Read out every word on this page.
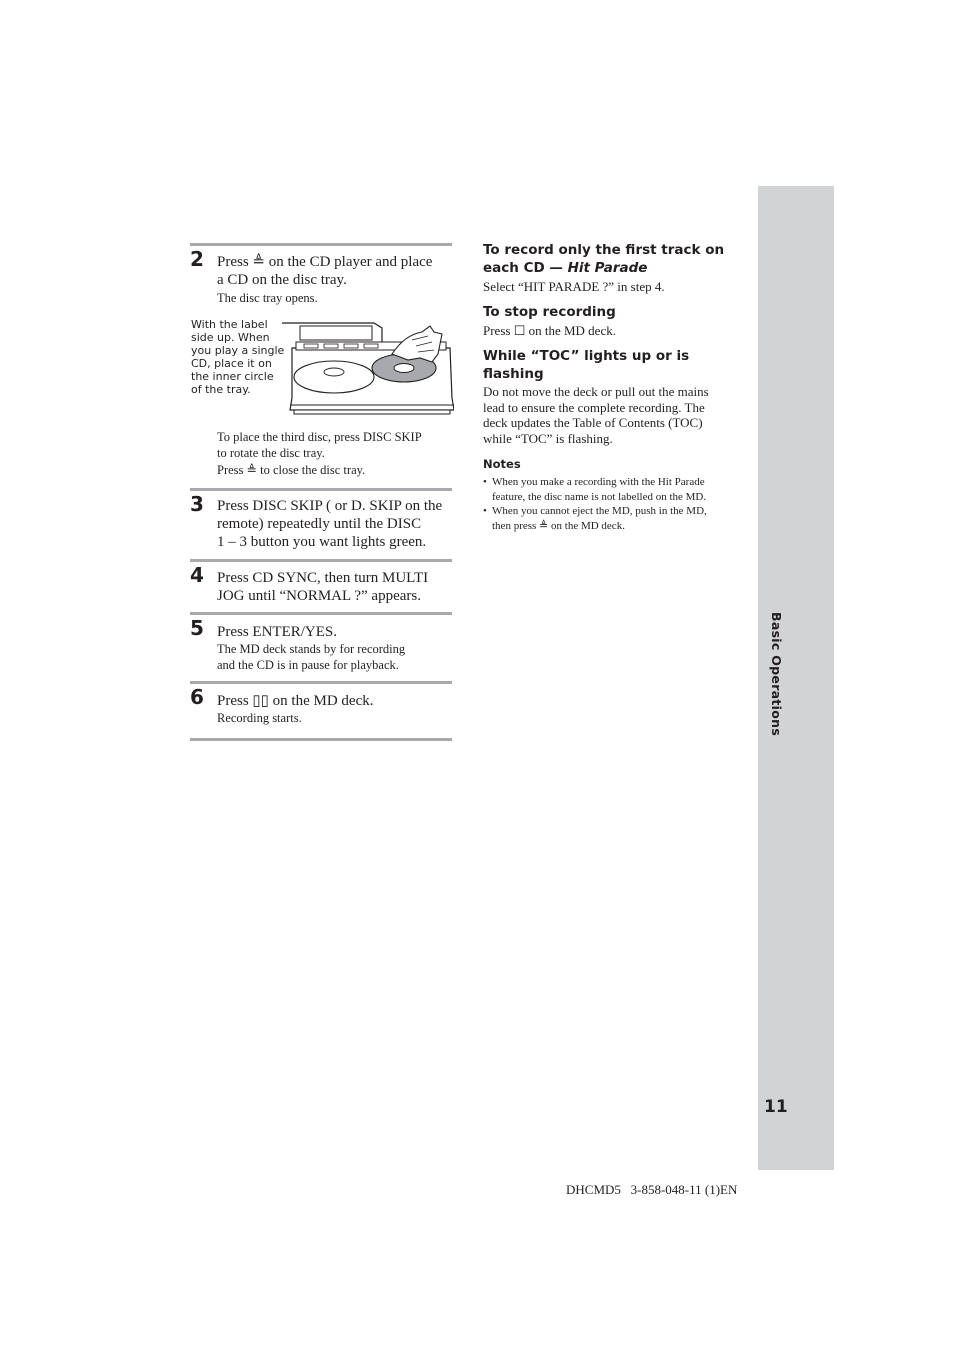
Basic Operations
11
2 Press ≜ on the CD player and place
a CD on the disc tray.
The disc tray opens.
With the label
side up. When
you play a single
CD, place it on
the inner circle
of the tray.
To place the third disc, press DISC SKIP
to rotate the disc tray.
Press ≜ to close the disc tray.
3 Press DISC SKIP ( or D. SKIP on the
remote) repeatedly until the DISC
1 – 3 button you want lights green.
4 Press CD SYNC, then turn MULTI
JOG until “NORMAL ?” appears.
5 Press ENTER/YES.
The MD deck stands by for recording
and the CD is in pause for playback.
6 Press ▯▯ on the MD deck.
Recording starts.
To record only the first track on
each CD — Hit Parade
Select “HIT PARADE ?” in step 4.
To stop recording
Press ☐ on the MD deck.
While “TOC” lights up or is
flashing
Do not move the deck or pull out the mains
lead to ensure the complete recording. The
deck updates the Table of Contents (TOC)
while “TOC” is flashing.
Notes
• When you make a recording with the Hit Parade
feature, the disc name is not labelled on the MD.
• When you cannot eject the MD, push in the MD,
then press ≜ on the MD deck.
DHCMD5   3-858-048-11 (1)EN
